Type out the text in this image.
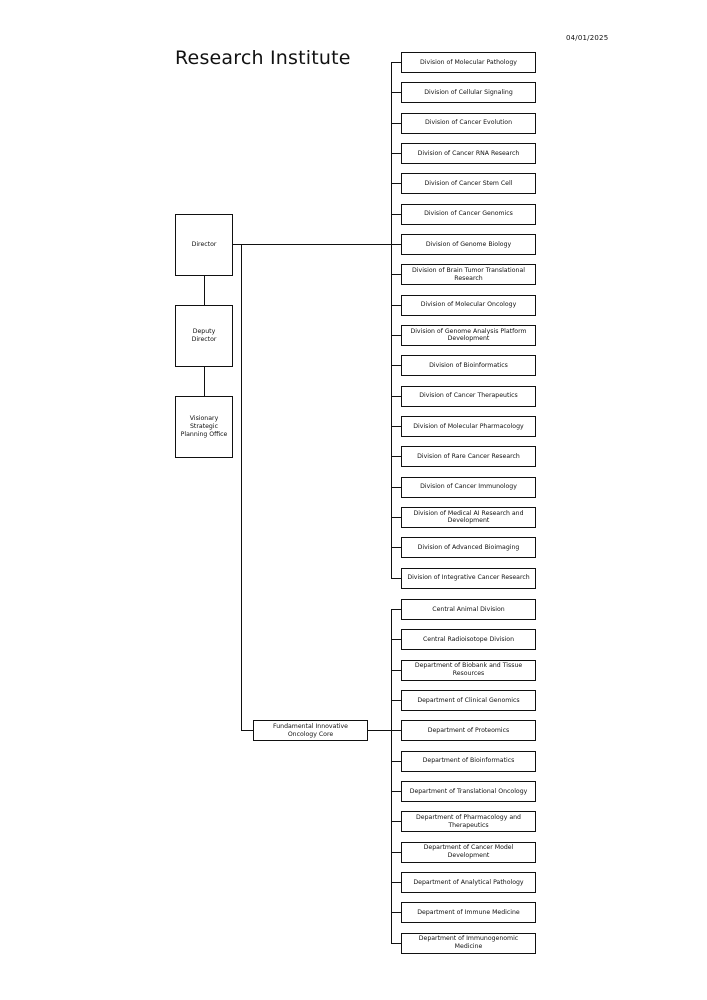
04/01/2025
Research Institute
Director
Deputy Director
Visionary Strategic Planning Office
Fundamental Innovative Oncology Core
Division of Molecular Pathology
Division of Cellular Signaling
Division of Cancer Evolution
Division of Cancer RNA Research
Division of Cancer Stem Cell
Division of Cancer Genomics
Division of Genome Biology
Division of Brain Tumor Translational Research
Division of Molecular Oncology
Division of Genome Analysis Platform Development
Division of Bioinformatics
Division of Cancer Therapeutics
Division of Molecular Pharmacology
Division of Rare Cancer Research
Division of Cancer Immunology
Division of Medical AI Research and Development
Division of Advanced Bioimaging
Division of Integrative Cancer Research
Central Animal Division
Central Radioisotope Division
Department of Biobank and Tissue Resources
Department of Clinical Genomics
Department of Proteomics
Department of Bioinformatics
Department of Translational Oncology
Department of Pharmacology and Therapeutics
Department of Cancer Model Development
Department of Analytical Pathology
Department of Immune Medicine
Department of Immunogenomic Medicine
